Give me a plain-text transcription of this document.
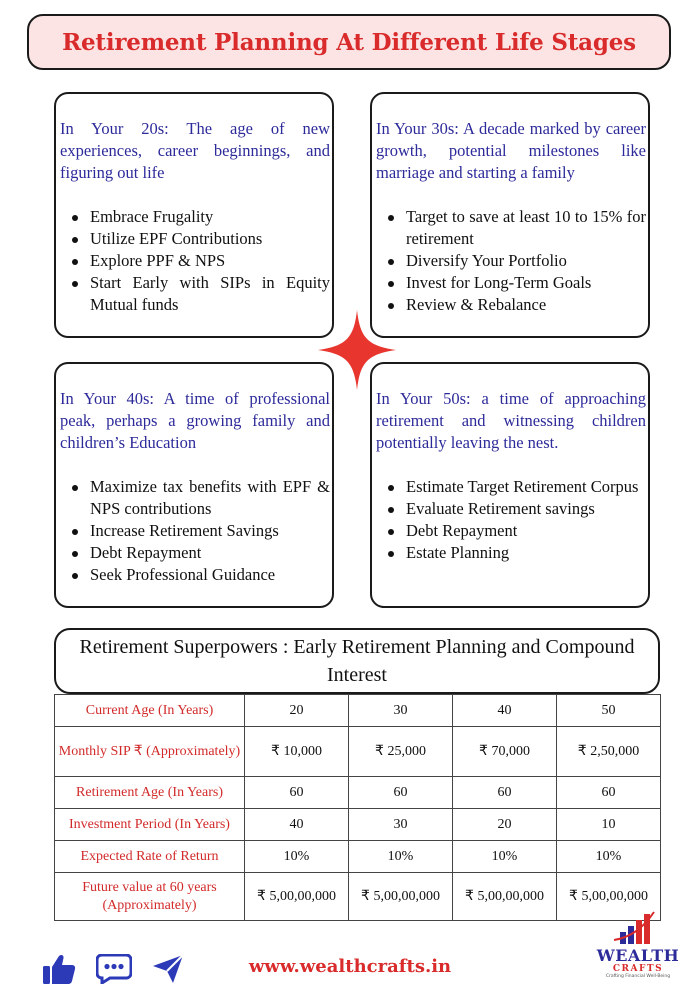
Retirement Planning At Different Life Stages

In Your 20s: The age of new experiences, career beginnings, and figuring out life

Embrace Frugality
Utilize EPF Contributions
Explore PPF & NPS
Start Early with SIPs in Equity Mutual funds

In Your 30s: A decade marked by career growth, potential milestones like marriage and starting a family

Target to save at least 10 to 15% for retirement
Diversify Your Portfolio
Invest for Long-Term Goals
Review & Rebalance

In Your 40s: A time of professional peak, perhaps a growing family and children’s Education

Maximize tax benefits with EPF & NPS contributions
Increase Retirement Savings
Debt Repayment
Seek Professional Guidance

In Your 50s: a time of approaching retirement and witnessing children potentially leaving the nest.

Estimate Target Retirement Corpus
Evaluate Retirement savings
Debt Repayment
Estate Planning
Retirement Superpowers : Early Retirement Planning and Compound Interest
Current Age (In Years)	20	30	40	50
Monthly SIP ₹ (Approximately)	₹ 10,000	₹ 25,000	₹ 70,000	₹ 2,50,000
Retirement Age (In Years)	60	60	60	60
Investment Period (In Years)	40	30	20	10
Expected Rate of Return	10%	10%	10%	10%
Future value at 60 years (Approximately)	₹ 5,00,00,000	₹ 5,00,00,000	₹ 5,00,00,000	₹ 5,00,00,000
www.wealthcrafts.in
WEALTH
CRAFTS
Crafting Financial Well-Being
